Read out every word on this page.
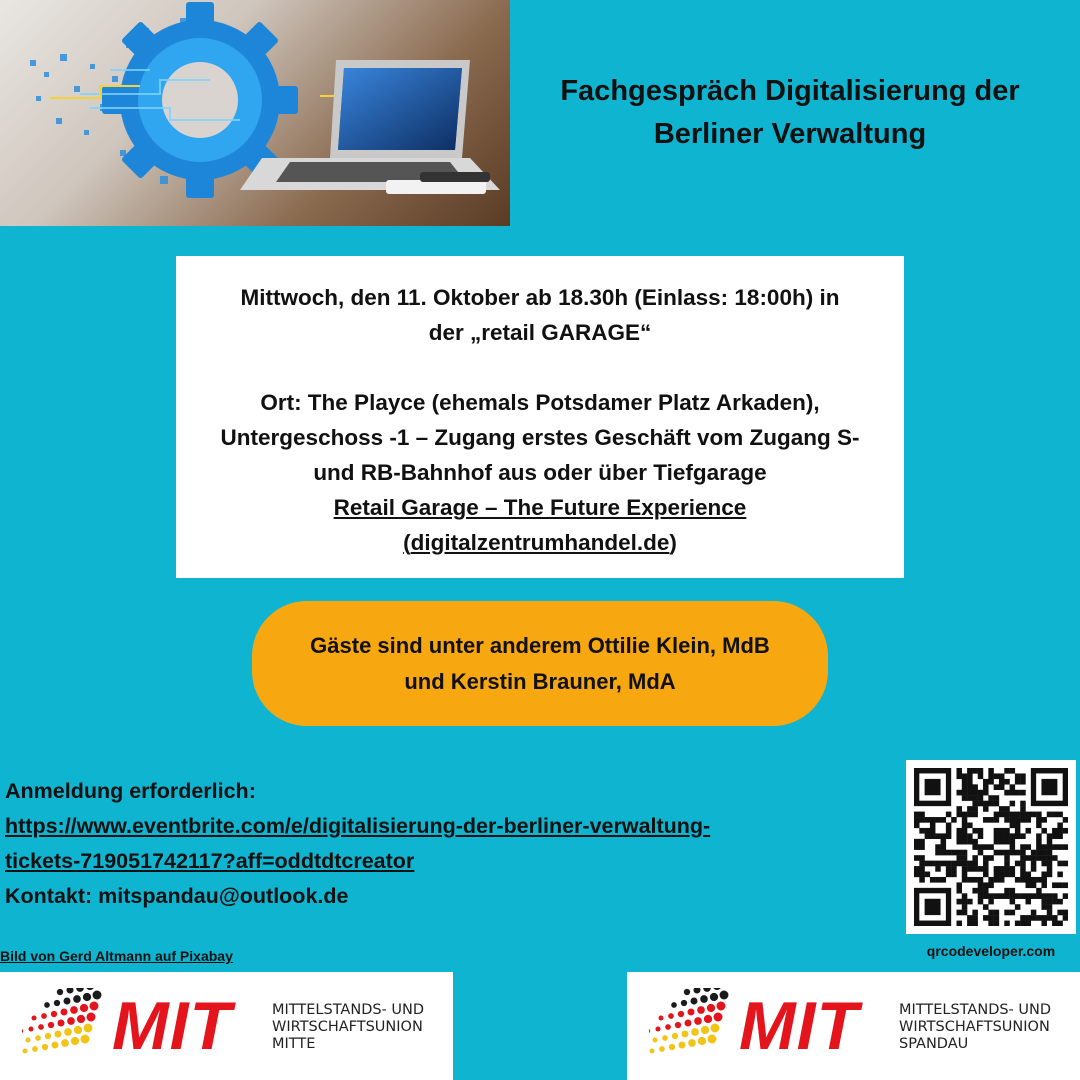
Fachgespräch Digitalisierung der
Berliner Verwaltung

Mittwoch, den 11. Oktober ab 18.30h (Einlass: 18:00h) in

der „retail GARAGE“

Ort: The Playce (ehemals Potsdamer Platz Arkaden),

Untergeschoss -1 – Zugang erstes Geschäft vom Zugang S-

und RB-Bahnhof aus oder über Tiefgarage

Retail Garage – The Future Experience

(digitalzentrumhandel.de)

Gäste sind unter anderem Ottilie Klein, MdB
und Kerstin Brauner, MdA
Anmeldung erforderlich:
https://www.eventbrite.com/e/digitalisierung-der-berliner-verwaltung-
tickets-719051742117?aff=oddtdtcreator
Kontakt: mitspandau@outlook.de
qrcodeveloper.com
Bild von Gerd Altmann auf Pixabay
MIT	MITTELSTANDS- UND
WIRTSCHAFTSUNION
MITTE	MIT	MITTELSTANDS- UND
WIRTSCHAFTSUNION
SPANDAU
